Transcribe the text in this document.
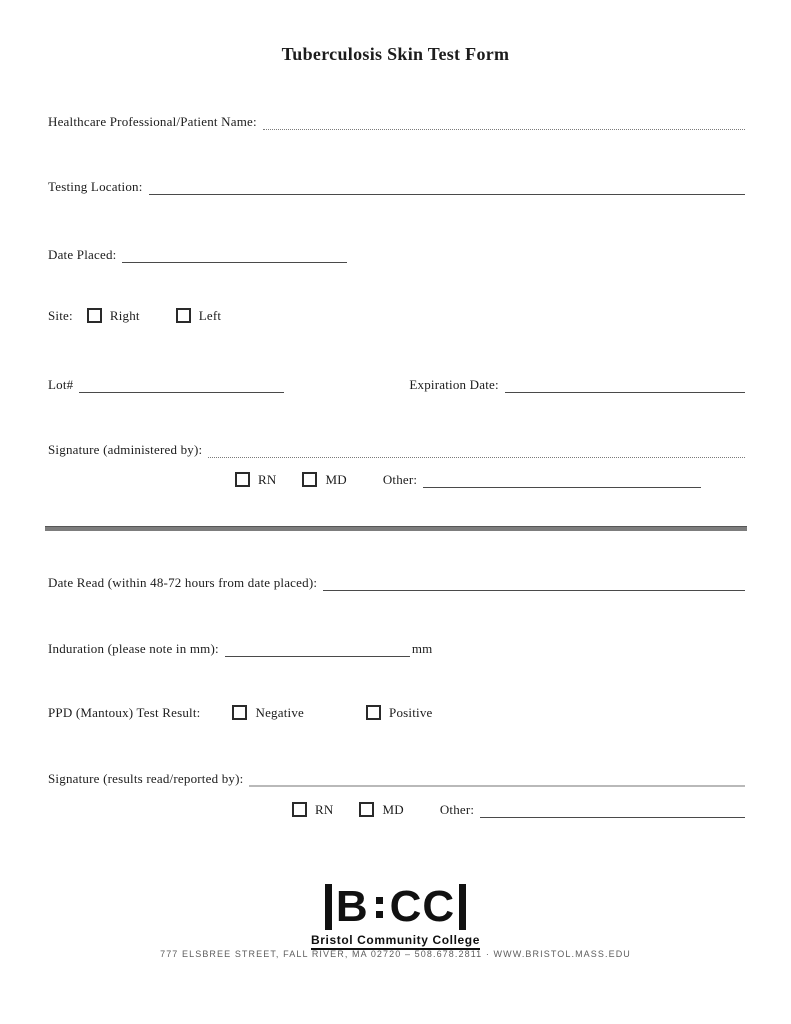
Tuberculosis Skin Test Form
Healthcare Professional/Patient Name:
Testing Location:
Date Placed:
Site:	Right	Left
Lot#	Expiration Date:
Signature (administered by):
RN	MD	Other:
Date Read (within 48-72 hours from date placed):
Induration (please note in mm):	mm
PPD (Mantoux) Test Result:	Negative	Positive
Signature (results read/reported by):
RN	MD	Other:
B CC
Bristol Community College
777 ELSBREE STREET, FALL RIVER, MA 02720 – 508.678.2811 · WWW.BRISTOL.MASS.EDU
